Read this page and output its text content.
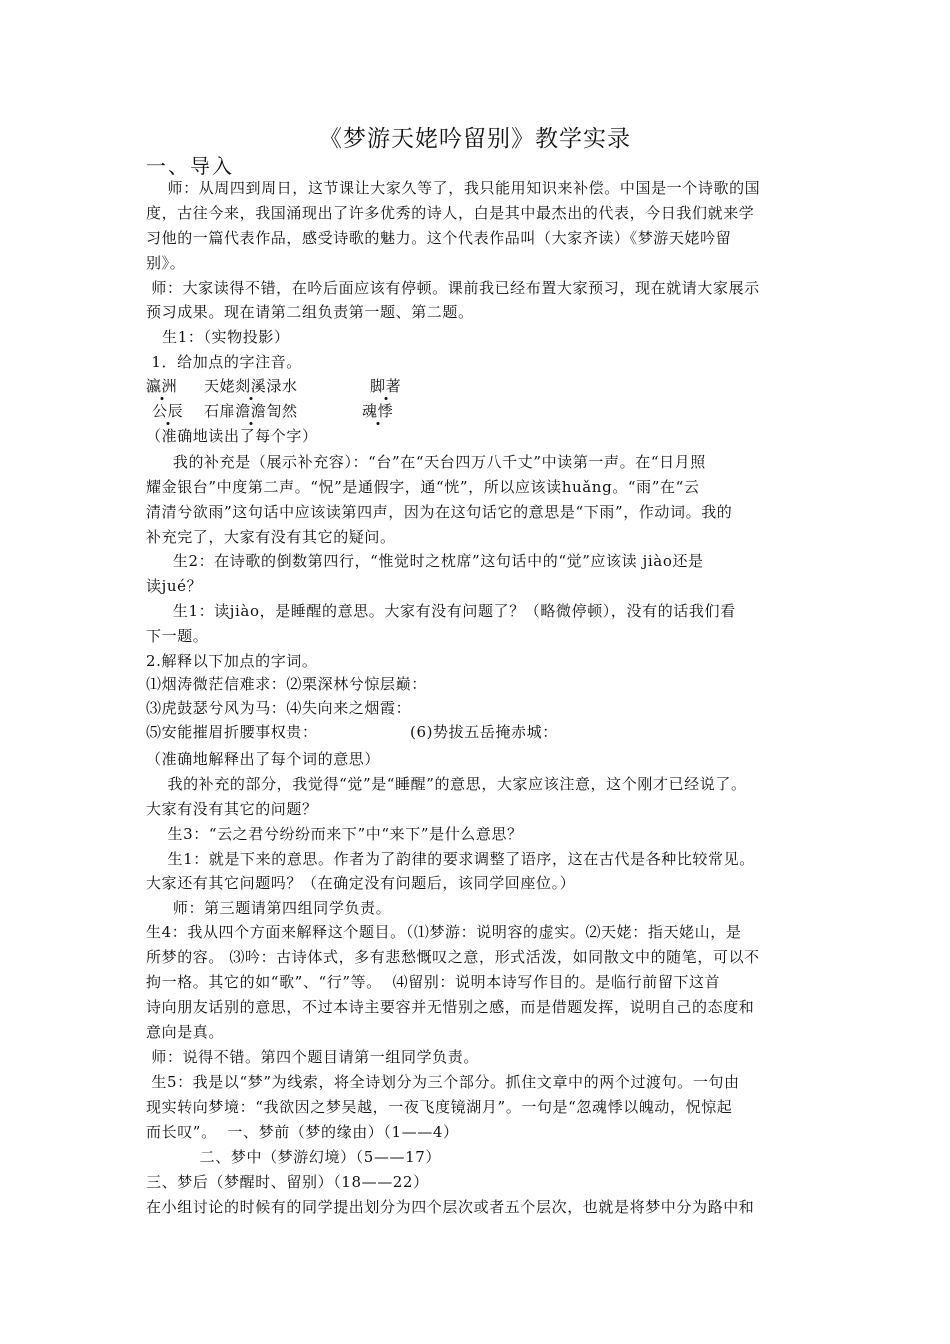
《梦游天姥吟留别》教学实录
一、导入
师：从周四到周日，这节课让大家久等了，我只能用知识来补偿。中国是一个诗歌的国
度，古往今来，我国涌现出了许多优秀的诗人，白是其中最杰出的代表，今日我们就来学
习他的一篇代表作品，感受诗歌的魅力。这个代表作品叫（大家齐读）《梦游天姥吟留
别》。
师：大家读得不错，在吟后面应该有停顿。课前我已经布置大家预习，现在就请大家展示
预习成果。现在请第二组负责第一题、第二题。
生1：（实物投影）
1．给加点的字注音。
瀛洲 天姥剡溪渌水	脚著
公辰 石扉澹澹訇然	魂悸
（准确地读出了每个字）
我的补充是（展示补充容）：“台”在“天台四万八千丈”中读第一声。在“日月照
耀金银台”中度第二声。“怳”是通假字，通“恍”，所以应该读huǎng。“雨”在“云
清清兮欲雨”这句话中应该读第四声，因为在这句话它的意思是“下雨”，作动词。我的
补充完了，大家有没有其它的疑问。
生2：在诗歌的倒数第四行，“惟觉时之枕席”这句话中的“觉”应该读 jiào还是
读jué？
生1：读jiào，是睡醒的意思。大家有没有问题了？（略微停顿），没有的话我们看
下一题。
2.解释以下加点的字词。
⑴烟涛微茫信难求：⑵栗深林兮惊层巅：
⑶虎鼓瑟兮风为马：⑷失向来之烟霞：
⑸安能摧眉折腰事权贵：	(6)势拔五岳掩赤城：
（准确地解释出了每个词的意思）
我的补充的部分，我觉得“觉”是“睡醒”的意思，大家应该注意，这个刚才已经说了。
大家有没有其它的问题？
生3：“云之君兮纷纷而来下”中“来下”是什么意思？
生1：就是下来的意思。作者为了韵律的要求调整了语序，这在古代是各种比较常见。
大家还有其它问题吗？（在确定没有问题后，该同学回座位。）
师：第三题请第四组同学负责。
生4：我从四个方面来解释这个题目。（⑴梦游：说明容的虚实。⑵天姥：指天姥山，是
所梦的容。 ⑶吟：古诗体式，多有悲愁慨叹之意，形式活泼，如同散文中的随笔，可以不
拘一格。其它的如“歌”、“行”等。  ⑷留别：说明本诗写作目的。是临行前留下这首
诗向朋友话别的意思，不过本诗主要容并无惜别之感，而是借题发挥，说明自己的态度和
意向是真。
师：说得不错。第四个题目请第一组同学负责。
生5：我是以“梦”为线索，将全诗划分为三个部分。抓住文章中的两个过渡句。一句由
现实转向梦境：“我欲因之梦吴越，一夜飞度镜湖月”。一句是“忽魂悸以魄动，怳惊起
而长叹”。  一、梦前（梦的缘由）（1——4）
二、梦中（梦游幻境）（5——17）
三、梦后（梦醒时、留别）（18——22）
在小组讨论的时候有的同学提出划分为四个层次或者五个层次，也就是将梦中分为路中和
